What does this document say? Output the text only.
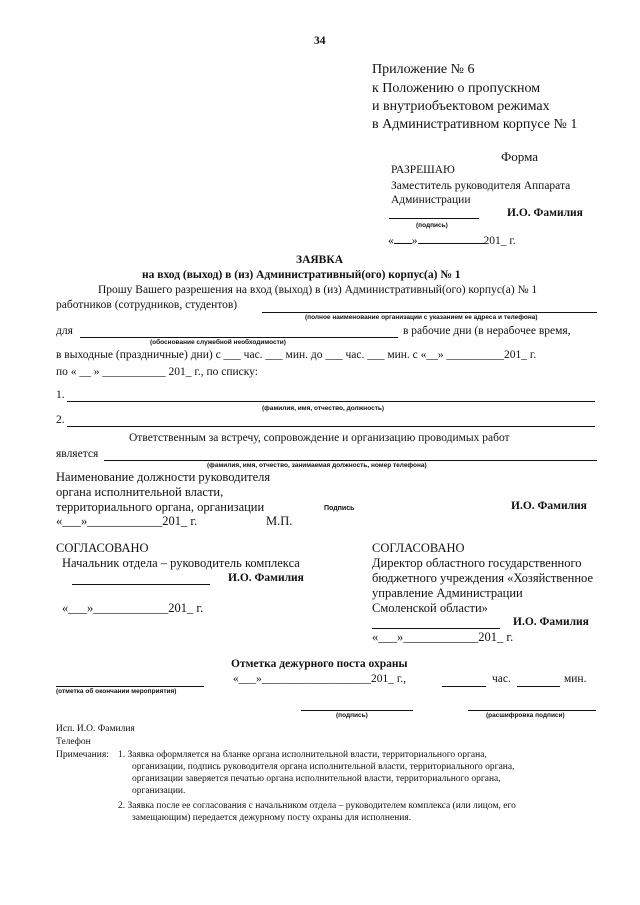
34
Приложение № 6
к Положению о пропускном
и внутриобъектовом режимах
в Административном корпусе № 1
Форма
РАЗРЕШАЮ
Заместитель руководителя Аппарата
Администрации
И.О. Фамилия
(подпись)
« »	201_ г.
ЗАЯВКА
на вход (выход) в (из) Административный(ого) корпус(а) № 1
Прошу Вашего разрешения на вход (выход) в (из) Административный(ого) корпус(а) № 1
работников (сотрудников, студентов)
(полное наименование организации с указанием ее адреса и телефона)
для	в рабочие дни (в нерабочее время,
(обоснование служебной необходимости)
в выходные (праздничные) дни) с ___ час. ___ мин. до ___ час. ___ мин. с «__» __________201_ г.
по « __ » ___________ 201_ г., по списку:
1.
(фамилия, имя, отчество, должность)
2.
Ответственным за встречу, сопровождение и организацию проводимых работ
является
(фамилия, имя, отчество, занимаемая должность, номер телефона)
Наименование должности руководителя
органа исполнительной власти,
территориального органа, организации	Подпись	И.О. Фамилия
«___»____________201_ г.	М.П.
СОГЛАСОВАНО
Начальник отдела – руководитель комплекса
И.О. Фамилия
«___»____________201_ г.
СОГЛАСОВАНО
Директор областного государственного
бюджетного учреждения «Хозяйственное
управление Администрации
Смоленской области»
И.О. Фамилия
«___»____________201_ г.
Отметка дежурного поста охраны
(отметка об окончании мероприятия)
«___»___________________201_ г.,	час.	мин.
(подпись)	(расшифровка подписи)
Исп. И.О. Фамилия
Телефон
Примечания: 1. Заявка оформляется на бланке органа исполнительной власти, территориального органа,
организации, подпись руководителя органа исполнительной власти, территориального органа,
организации заверяется печатью органа исполнительной власти, территориального органа,
организации.
2. Заявка после ее согласования с начальником отдела – руководителем комплекса (или лицом, его
замещающим) передается дежурному посту охраны для исполнения.
